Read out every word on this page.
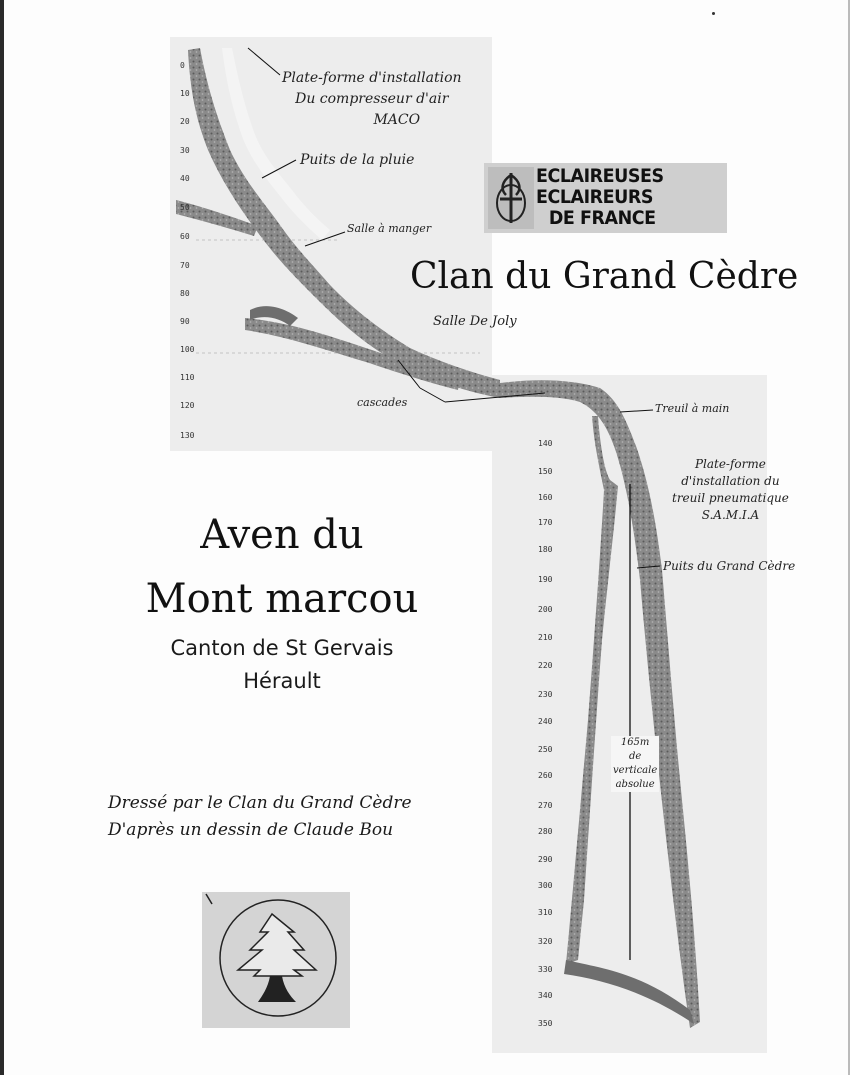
0
10
20
30
40
50
60
70
80
90
100
110
120
130
140
150
160
170
180
190
200
210
220
230
240
250
260
270
280
290
300
310
320
330
340
350
Plate-forme d'installation
Du compresseur d'air
MACO
Puits de la pluie
Salle à manger
Salle De Joly
cascades	Treuil à main
Plate-forme
d'installation du
treuil pneumatique
S.A.M.I.A
Puits du Grand Cèdre
165m
de
verticale
absolue
ECLAIREUSES
ECLAIREURS
DE FRANCE
Clan du Grand Cèdre
Aven du
Mont marcou
Canton de St Gervais
Hérault
Dressé par le Clan du Grand Cèdre
D'après un dessin de Claude Bou
